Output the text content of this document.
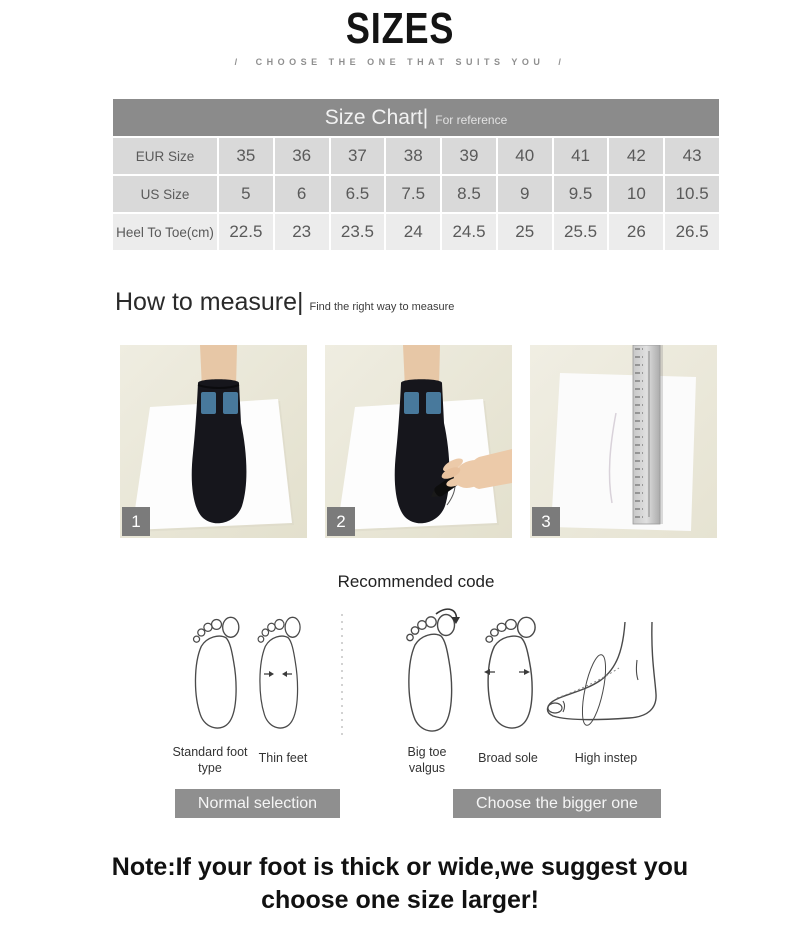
SIZES
/ CHOOSE THE ONE THAT SUITS YOU /
Size Chart| For reference
EUR Size	35	36	37	38	39	40	41	42	43
US Size	5	6	6.5	7.5	8.5	9	9.5	10	10.5
Heel To Toe(cm) 22.5	23	23.5	24	24.5	25	25.5	26	26.5
How to measure| Find the right way to measure
1	2	3
Recommended code
Standard foot type
Thin feet	Big toe valgus
Broad sole	High instep
Normal selection	Choose the bigger one
Note:If your foot is thick or wide,we suggest you
choose one size larger!
